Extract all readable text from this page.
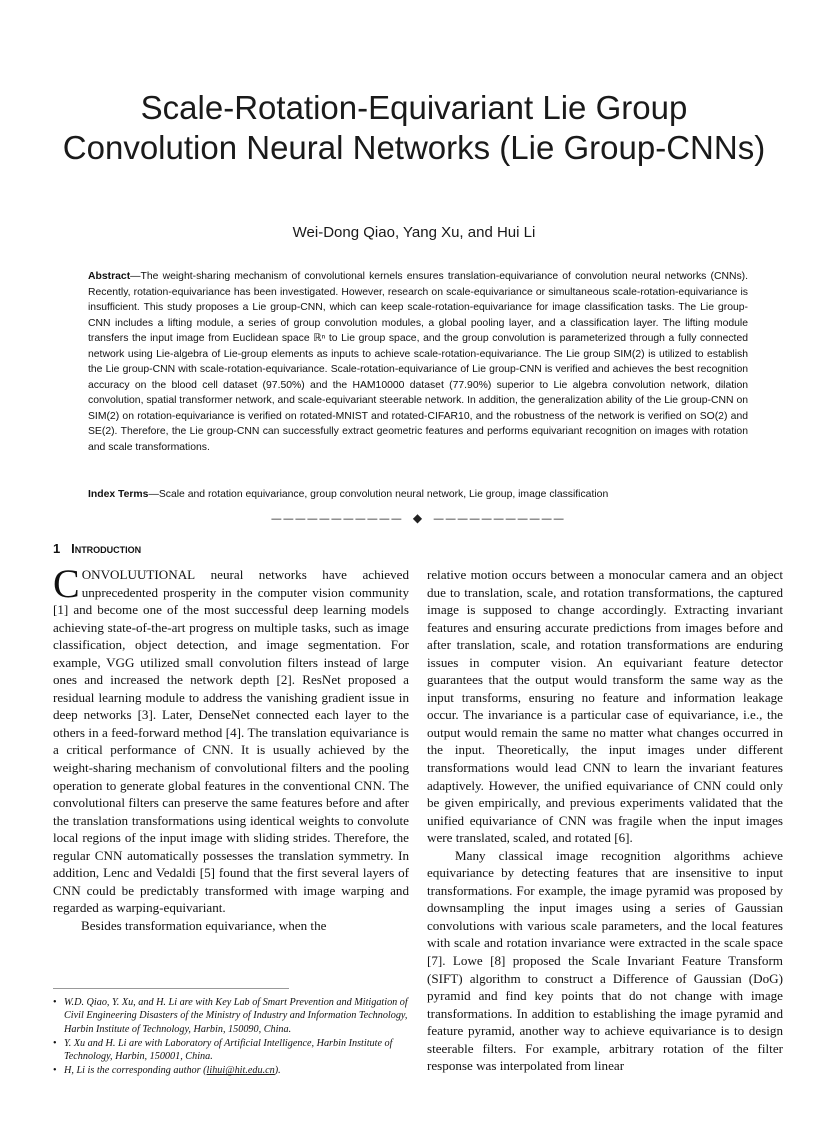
Scale-Rotation-Equivariant Lie Group Convolution Neural Networks (Lie Group-CNNs)
Wei-Dong Qiao, Yang Xu, and Hui Li
Abstract—The weight-sharing mechanism of convolutional kernels ensures translation-equivariance of convolution neural networks (CNNs). Recently, rotation-equivariance has been investigated. However, research on scale-equivariance or simultaneous scale-rotation-equivariance is insufficient. This study proposes a Lie group-CNN, which can keep scale-rotation-equivariance for image classification tasks. The Lie group-CNN includes a lifting module, a series of group convolution modules, a global pooling layer, and a classification layer. The lifting module transfers the input image from Euclidean space ℝⁿ to Lie group space, and the group convolution is parameterized through a fully connected network using Lie-algebra of Lie-group elements as inputs to achieve scale-rotation-equivariance. The Lie group SIM(2) is utilized to establish the Lie group-CNN with scale-rotation-equivariance. Scale-rotation-equivariance of Lie group-CNN is verified and achieves the best recognition accuracy on the blood cell dataset (97.50%) and the HAM10000 dataset (77.90%) superior to Lie algebra convolution network, dilation convolution, spatial transformer network, and scale-equivariant steerable network. In addition, the generalization ability of the Lie group-CNN on SIM(2) on rotation-equivariance is verified on rotated-MNIST and rotated-CIFAR10, and the robustness of the network is verified on SO(2) and SE(2). Therefore, the Lie group-CNN can successfully extract geometric features and performs equivariant recognition on images with rotation and scale transformations.
Index Terms—Scale and rotation equivariance, group convolution neural network, Lie group, image classification
——————————— ◆ ———————————
1 Introduction

CONVOLUUTIONAL neural networks have achieved unprecedented prosperity in the computer vision community [1] and become one of the most successful deep learning models achieving state-of-the-art progress on multiple tasks, such as image classification, object detection, and image segmentation. For example, VGG utilized small convolution filters instead of large ones and increased the network depth [2]. ResNet proposed a residual learning module to address the vanishing gradient issue in deep networks [3]. Later, DenseNet connected each layer to the others in a feed-forward method [4]. The translation equivariance is a critical performance of CNN. It is usually achieved by the weight-sharing mechanism of convolutional filters and the pooling operation to generate global features in the conventional CNN. The convolutional filters can preserve the same features before and after the translation transformations using identical weights to convolute local regions of the input image with sliding strides. Therefore, the regular CNN automatically possesses the translation symmetry. In addition, Lenc and Vedaldi [5] found that the first several layers of CNN could be predictably transformed with image warping and regarded as warping-equivariant.

Besides transformation equivariance, when the

relative motion occurs between a monocular camera and an object due to translation, scale, and rotation transformations, the captured image is supposed to change accordingly. Extracting invariant features and ensuring accurate predictions from images before and after translation, scale, and rotation transformations are enduring issues in computer vision. An equivariant feature detector guarantees that the output would transform the same way as the input transforms, ensuring no feature and information leakage occur. The invariance is a particular case of equivariance, i.e., the output would remain the same no matter what changes occurred in the input. Theoretically, the input images under different transformations would lead CNN to learn the invariant features adaptively. However, the unified equivariance of CNN could only be given empirically, and previous experiments validated that the unified equivariance of CNN was fragile when the input images were translated, scaled, and rotated [6].

Many classical image recognition algorithms achieve equivariance by detecting features that are insensitive to input transformations. For example, the image pyramid was proposed by downsampling the input images using a series of Gaussian convolutions with various scale parameters, and the local features with scale and rotation invariance were extracted in the scale space [7]. Lowe [8] proposed the Scale Invariant Feature Transform (SIFT) algorithm to construct a Difference of Gaussian (DoG) pyramid and find key points that do not change with image transformations. In addition to establishing the image pyramid and feature pyramid, another way to achieve equivariance is to design steerable filters. For example, arbitrary rotation of the filter response was interpolated from linear

• W.D. Qiao, Y. Xu, and H. Li are with Key Lab of Smart Prevention and Mitigation of Civil Engineering Disasters of the Ministry of Industry and Information Technology, Harbin Institute of Technology, Harbin, 150090, China.
• Y. Xu and H. Li are with Laboratory of Artificial Intelligence, Harbin Institute of Technology, Harbin, 150001, China.
• H, Li is the corresponding author (lihui@hit.edu.cn).
